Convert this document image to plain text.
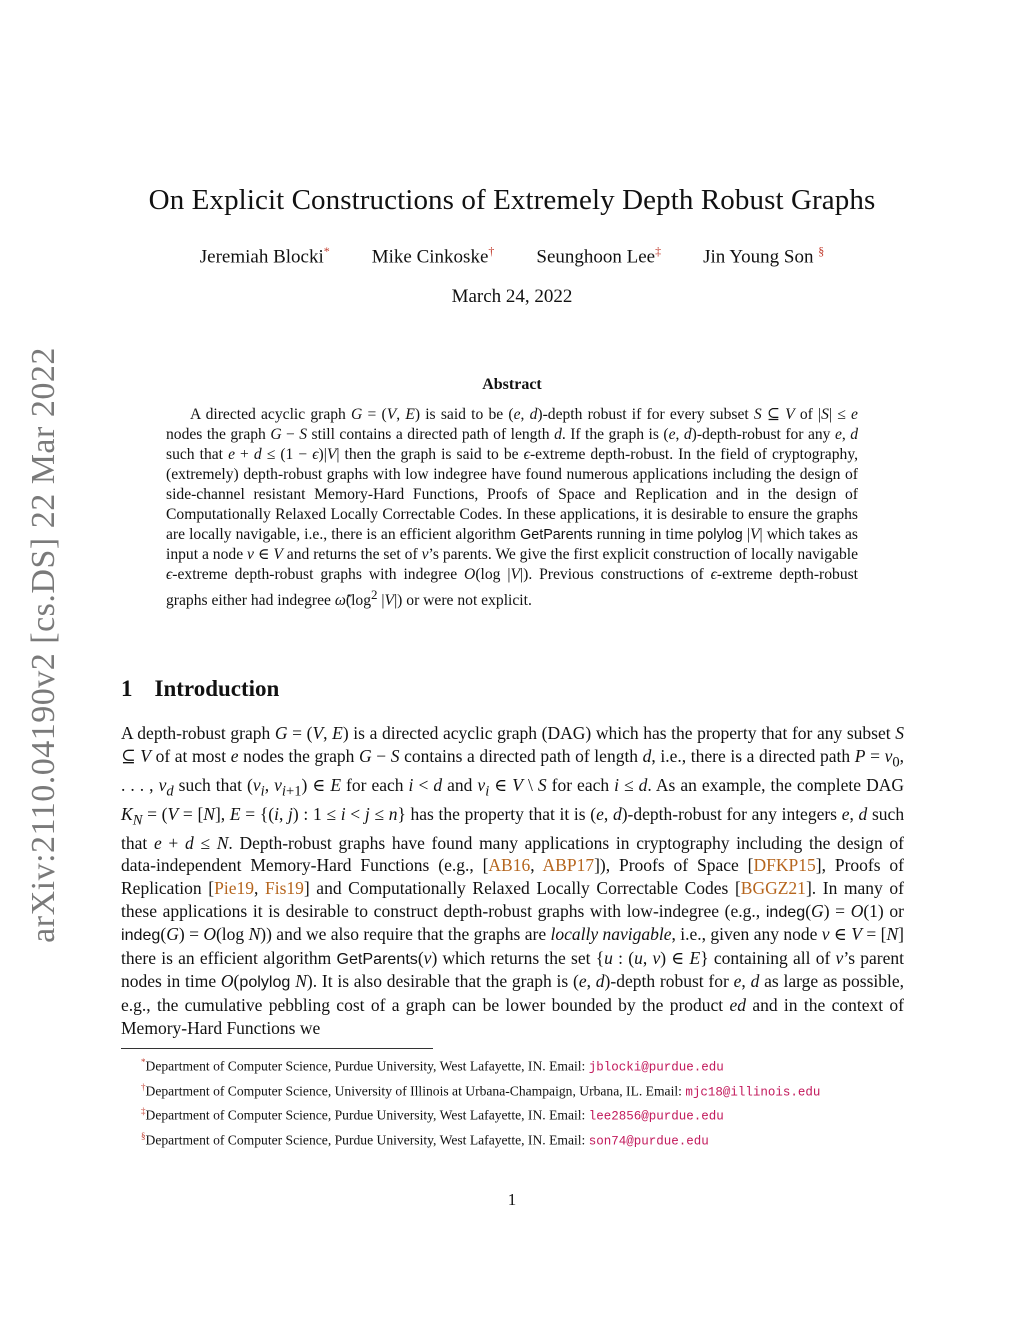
arXiv:2110.04190v2 [cs.DS] 22 Mar 2022
On Explicit Constructions of Extremely Depth Robust Graphs
Jeremiah Blocki* Mike Cinkoske† Seunghoon Lee‡ Jin Young Son §
March 24, 2022
Abstract
A directed acyclic graph G = (V, E) is said to be (e, d)-depth robust if for every subset S ⊆ V of |S| ≤ e nodes the graph G − S still contains a directed path of length d. If the graph is (e, d)-depth-robust for any e, d such that e + d ≤ (1 − ϵ)|V| then the graph is said to be ϵ-extreme depth-robust. In the field of cryptography, (extremely) depth-robust graphs with low indegree have found numerous applications including the design of side-channel resistant Memory-Hard Functions, Proofs of Space and Replication and in the design of Computationally Relaxed Locally Correctable Codes. In these applications, it is desirable to ensure the graphs are locally navigable, i.e., there is an efficient algorithm GetParents running in time polylog |V| which takes as input a node v ∈ V and returns the set of v’s parents. We give the first explicit construction of locally navigable ϵ-extreme depth-robust graphs with indegree O(log |V|). Previous constructions of ϵ-extreme depth-robust graphs either had indegree $\omegã(\log^2$ |V|) or were not explicit.
1 Introduction
A depth-robust graph G = (V, E) is a directed acyclic graph (DAG) which has the property that for any subset S ⊆ V of at most e nodes the graph G − S contains a directed path of length d, i.e., there is a directed path $P = v_0$, . . . , $v_d$ such that ($v_i$, $v_{i+1}$) ∈ E for each i < d and $v_i$ ∈ V \ S for each i ≤ d. As an example, the complete DAG $K_N = (V = [N]$, E = {(i, j) : 1 ≤ i < j ≤ n} has the property that it is (e, d)-depth-robust for any integers e, d such that e + d ≤ N. Depth-robust graphs have found many applications in cryptography including the design of data-independent Memory-Hard Functions (e.g., [AB16, ABP17]), Proofs of Space [DFKP15], Proofs of Replication [Pie19, Fis19] and Computationally Relaxed Locally Correctable Codes [BGGZ21]. In many of these applications it is desirable to construct depth-robust graphs with low-indegree (e.g., indeg(G) = O(1) or indeg(G) = O(log N)) and we also require that the graphs are locally navigable, i.e., given any node v ∈ V = [N] there is an efficient algorithm GetParents(v) which returns the set {u : (u, v) ∈ E} containing all of v’s parent nodes in time O(polylog N). It is also desirable that the graph is (e, d)-depth robust for e, d as large as possible, e.g., the cumulative pebbling cost of a graph can be lower bounded by the product ed and in the context of Memory-Hard Functions we

*Department of Computer Science, Purdue University, West Lafayette, IN. Email: jblocki@purdue.edu

†Department of Computer Science, University of Illinois at Urbana-Champaign, Urbana, IL. Email: mjc18@illinois.edu

‡Department of Computer Science, Purdue University, West Lafayette, IN. Email: lee2856@purdue.edu

§Department of Computer Science, Purdue University, West Lafayette, IN. Email: son74@purdue.edu

1
